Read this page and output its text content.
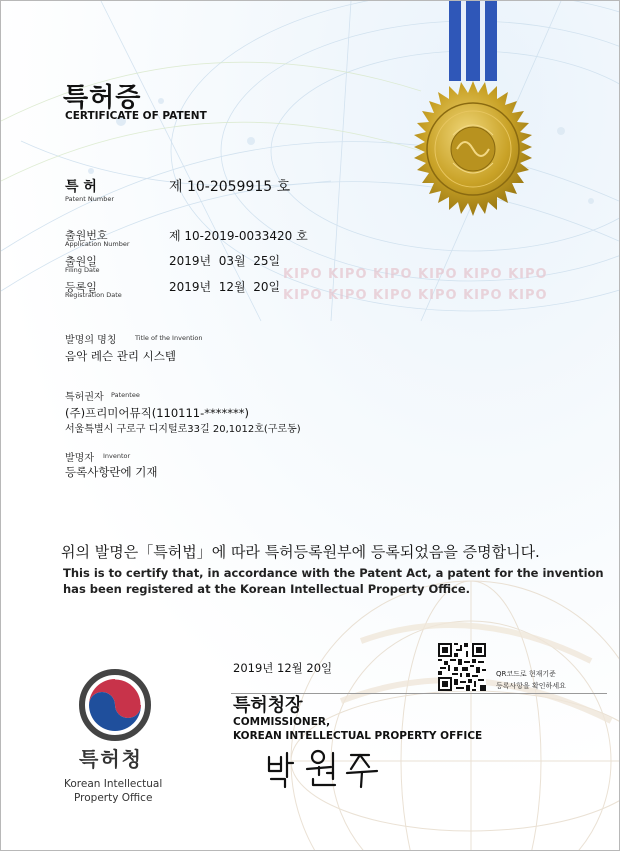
KIPO KIPO KIPO KIPO KIPO KIPO
KIPO KIPO KIPO KIPO KIPO KIPO
특허증
CERTIFICATE OF PATENT
특 허
Patent Number
제 10-2059915 호
출원번호
Application Number
제 10-2019-0033420 호
출원일
Filing Date
2019년  03월  25일
등록일
Registration Date
2019년  12월  20일
발명의 명칭	Title of the Invention
음악 레슨 관리 시스템
특허권자 Patentee
(주)프리미어뮤직(110111-*******)
서울특별시 구로구 디지털로33길 20,1012호(구로동)
발명자 Inventor
등록사항란에 기재
위의 발명은「특허법」에 따라 특허등록원부에 등록되었음을 증명합니다.
This is to certify that, in accordance with the Patent Act, a patent for the invention
has been registered at the Korean Intellectual Property Office.
2019년 12월 20일	QR코드로 현재기준
등록사항을 확인하세요
특허청장
COMMISSIONER,
KOREAN INTELLECTUAL PROPERTY OFFICE
특허청
Korean Intellectual
Property Office
